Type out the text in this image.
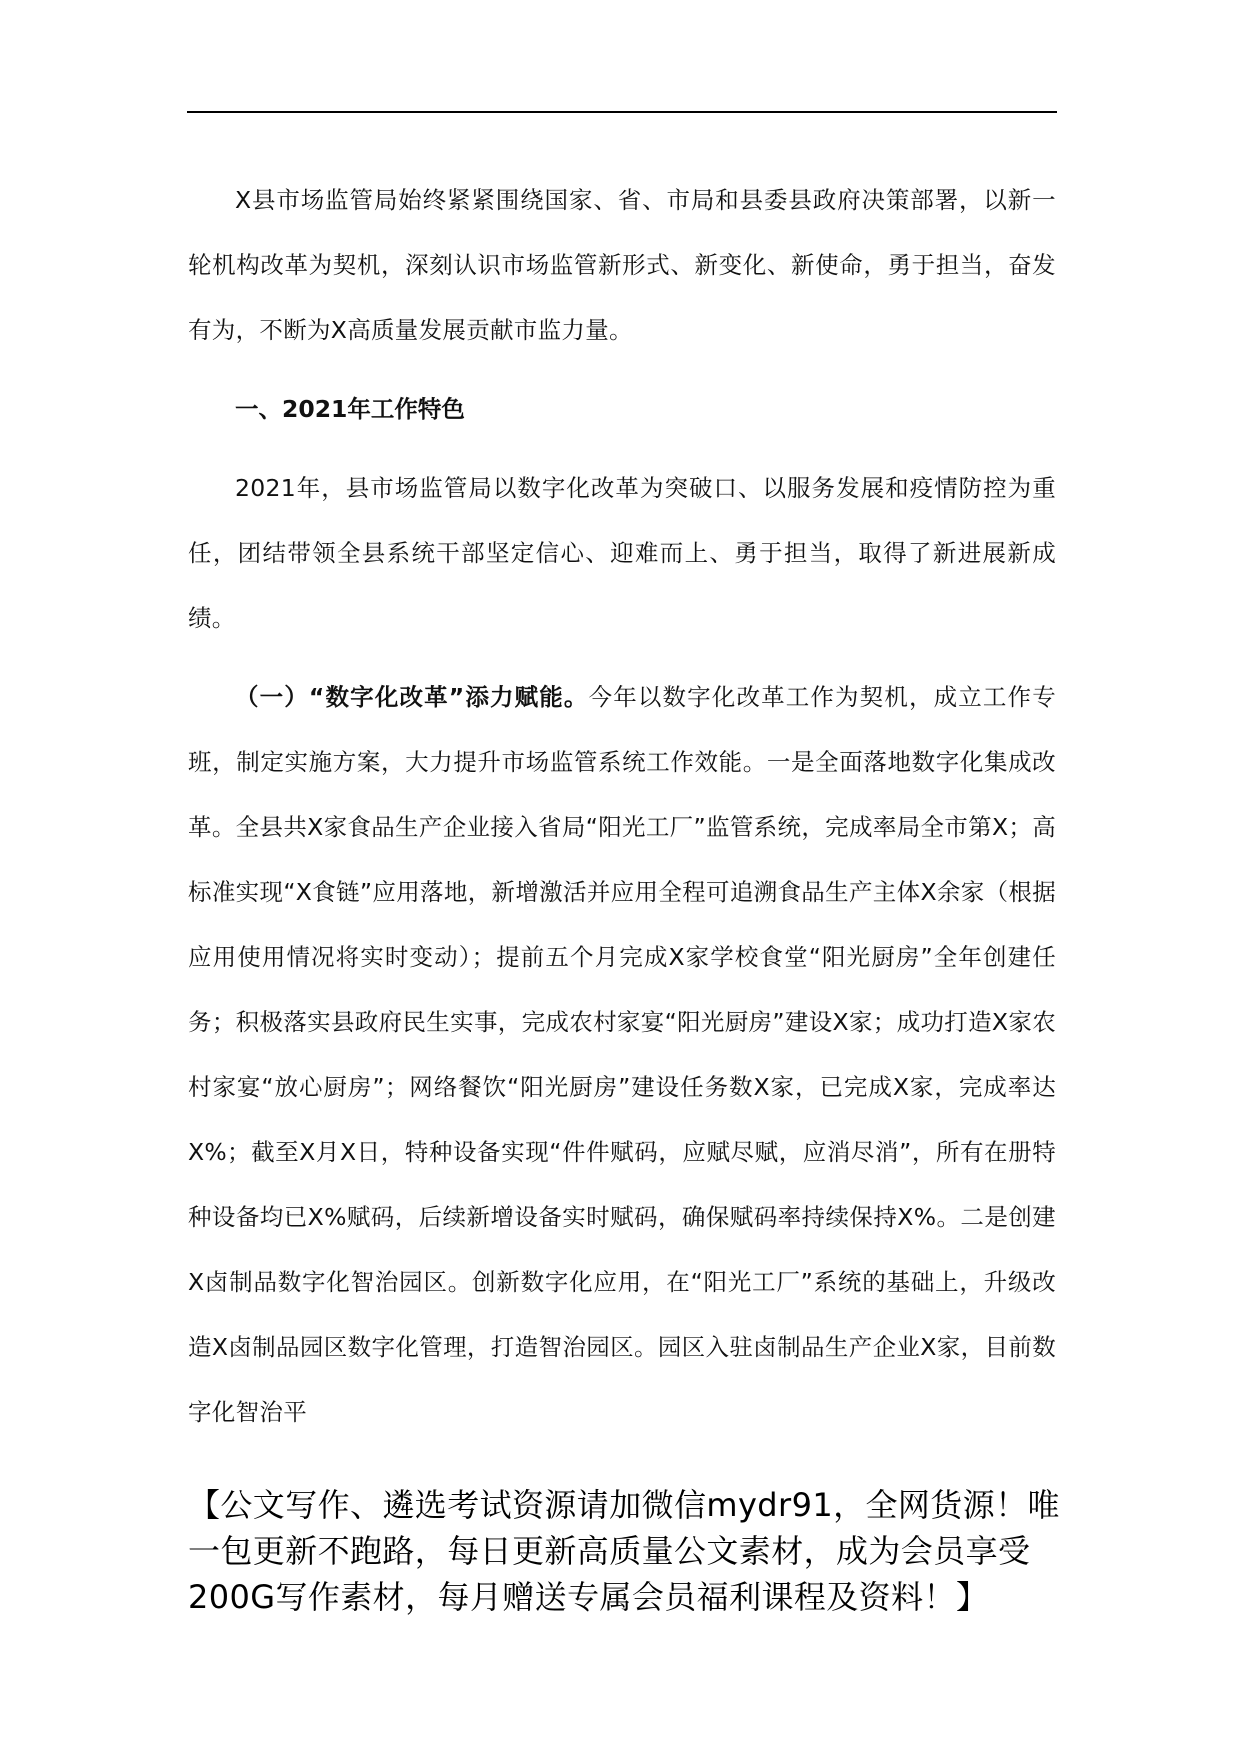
X县市场监管局始终紧紧围绕国家、省、市局和县委县政府决策部署，以新一轮机构改革为契机，深刻认识市场监管新形式、新变化、新使命，勇于担当，奋发有为，不断为X高质量发展贡献市监力量。

一、2021年工作特色

2021年，县市场监管局以数字化改革为突破口、以服务发展和疫情防控为重任，团结带领全县系统干部坚定信心、迎难而上、勇于担当，取得了新进展新成绩。

（一）“数字化改革”添力赋能。今年以数字化改革工作为契机，成立工作专班，制定实施方案，大力提升市场监管系统工作效能。一是全面落地数字化集成改革。全县共X家食品生产企业接入省局“阳光工厂”监管系统，完成率局全市第X；高标准实现“X食链”应用落地，新增激活并应用全程可追溯食品生产主体X余家（根据应用使用情况将实时变动）；提前五个月完成X家学校食堂“阳光厨房”全年创建任务；积极落实县政府民生实事，完成农村家宴“阳光厨房”建设X家；成功打造X家农村家宴“放心厨房”；网络餐饮“阳光厨房”建设任务数X家，已完成X家，完成率达X%；截至X月X日，特种设备实现“件件赋码，应赋尽赋，应消尽消”，所有在册特种设备均已X%赋码，后续新增设备实时赋码，确保赋码率持续保持X%。二是创建X卤制品数字化智治园区。创新数字化应用，在“阳光工厂”系统的基础上，升级改造X卤制品园区数字化管理，打造智治园区。园区入驻卤制品生产企业X家，目前数字化智治平

【公文写作、遴选考试资源请加微信mydr91，全网货源！唯一包更新不跑路，每日更新高质量公文素材，成为会员享受200G写作素材，每月赠送专属会员福利课程及资料！】
